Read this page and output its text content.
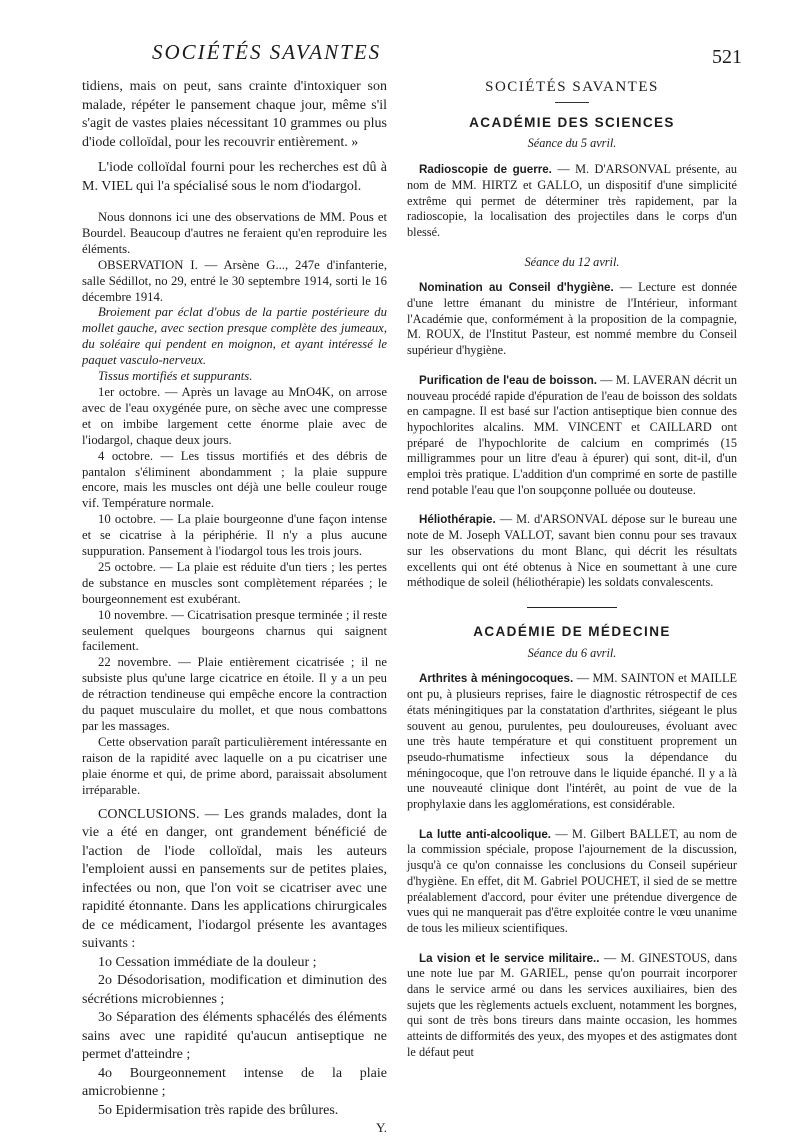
SOCIÉTÉS SAVANTES	521

tidiens, mais on peut, sans crainte d'intoxiquer son malade, répéter le pansement chaque jour, même s'il s'agit de vastes plaies nécessitant 10 grammes ou plus d'iode colloïdal, pour les recouvrir entièrement. »

L'iode colloïdal fourni pour les recherches est dû à M. VIEL qui l'a spécialisé sous le nom d'iodargol.

Nous donnons ici une des observations de MM. Pous et Bourdel. Beaucoup d'autres ne feraient qu'en reproduire les éléments.

OBSERVATION I. — Arsène G..., 247e d'infanterie, salle Sédillot, no 29, entré le 30 septembre 1914, sorti le 16 décembre 1914.

Broiement par éclat d'obus de la partie postérieure du mollet gauche, avec section presque complète des jumeaux, du soléaire qui pendent en moignon, et ayant intéressé le paquet vasculo-nerveux.

Tissus mortifiés et suppurants.

1er octobre. — Après un lavage au MnO4K, on arrose avec de l'eau oxygénée pure, on sèche avec une compresse et on imbibe largement cette énorme plaie avec de l'iodargol, chaque deux jours.

4 octobre. — Les tissus mortifiés et des débris de pantalon s'éliminent abondamment ; la plaie suppure encore, mais les muscles ont déjà une belle couleur rouge vif. Température normale.

10 octobre. — La plaie bourgeonne d'une façon intense et se cicatrise à la périphérie. Il n'y a plus aucune suppuration. Pansement à l'iodargol tous les trois jours.

25 octobre. — La plaie est réduite d'un tiers ; les pertes de substance en muscles sont complètement réparées ; le bourgeonnement est exubérant.

10 novembre. — Cicatrisation presque terminée ; il reste seulement quelques bourgeons charnus qui saignent facilement.

22 novembre. — Plaie entièrement cicatrisée ; il ne subsiste plus qu'une large cicatrice en étoile. Il y a un peu de rétraction tendineuse qui empêche encore la contraction du paquet musculaire du mollet, et que nous combattons par les massages.

Cette observation paraît particulièrement intéressante en raison de la rapidité avec laquelle on a pu cicatriser une plaie énorme et qui, de prime abord, paraissait absolument irréparable.

CONCLUSIONS. — Les grands malades, dont la vie a été en danger, ont grandement bénéficié de l'action de l'iode colloïdal, mais les auteurs l'emploient aussi en pansements sur de petites plaies, infectées ou non, que l'on voit se cicatriser avec une rapidité étonnante. Dans les applications chirurgicales de ce médicament, l'iodargol présente les avantages suivants :

1o Cessation immédiate de la douleur ;

2o Désodorisation, modification et diminution des sécrétions microbiennes ;

3o Séparation des éléments sphacélés des éléments sains avec une rapidité qu'aucun antiseptique ne permet d'atteindre ;

4o Bourgeonnement intense de la plaie amicrobienne ;

5o Epidermisation très rapide des brûlures.

Y.

SOCIÉTÉS SAVANTES

ACADÉMIE DES SCIENCES

Séance du 5 avril.

Radioscopie de guerre. — M. D'ARSONVAL présente, au nom de MM. HIRTZ et GALLO, un dispositif d'une simplicité extrême qui permet de déterminer très rapidement, par la radioscopie, la localisation des projectiles dans le corps d'un blessé.

Séance du 12 avril.

Nomination au Conseil d'hygiène. — Lecture est donnée d'une lettre émanant du ministre de l'Intérieur, informant l'Académie que, conformément à la proposition de la compagnie, M. ROUX, de l'Institut Pasteur, est nommé membre du Conseil supérieur d'hygiène.

Purification de l'eau de boisson. — M. LAVERAN décrit un nouveau procédé rapide d'épuration de l'eau de boisson des soldats en campagne. Il est basé sur l'action antiseptique bien connue des hypochlorites alcalins. MM. VINCENT et CAILLARD ont préparé de l'hypochlorite de calcium en comprimés (15 milligrammes pour un litre d'eau à épurer) qui sont, dit-il, d'un emploi très pratique. L'addition d'un comprimé en sorte de pastille rend potable l'eau que l'on soupçonne polluée ou douteuse.

Héliothérapie. — M. d'ARSONVAL dépose sur le bureau une note de M. Joseph VALLOT, savant bien connu pour ses travaux sur les observations du mont Blanc, qui décrit les résultats excellents qui ont été obtenus à Nice en soumettant à une cure méthodique de soleil (héliothérapie) les soldats convalescents.

ACADÉMIE DE MÉDECINE

Séance du 6 avril.

Arthrites à méningocoques. — MM. SAINTON et MAILLE ont pu, à plusieurs reprises, faire le diagnostic rétrospectif de ces états méningitiques par la constatation d'arthrites, siégeant le plus souvent au genou, purulentes, peu douloureuses, évoluant avec une très haute température et qui constituent proprement un pseudo-rhumatisme infectieux sous la dépendance du méningocoque, que l'on retrouve dans le liquide épanché. Il y a là une nouveauté clinique dont l'intérêt, au point de vue de la prophylaxie dans les agglomérations, est considérable.

La lutte anti-alcoolique. — M. Gilbert BALLET, au nom de la commission spéciale, propose l'ajournement de la discussion, jusqu'à ce qu'on connaisse les conclusions du Conseil supérieur d'hygiène. En effet, dit M. Gabriel POUCHET, il sied de se mettre préalablement d'accord, pour éviter une prétendue divergence de vues qui ne manquerait pas d'être exploitée contre le vœu unanime de tous les milieux scientifiques.

La vision et le service militaire.. — M. GINESTOUS, dans une note lue par M. GARIEL, pense qu'on pourrait incorporer dans le service armé ou dans les services auxiliaires, bien des sujets que les règlements actuels excluent, notamment les borgnes, qui sont de très bons tireurs dans mainte occasion, les hommes atteints de difformités des yeux, des myopes et des astigmates dont le défaut peut
